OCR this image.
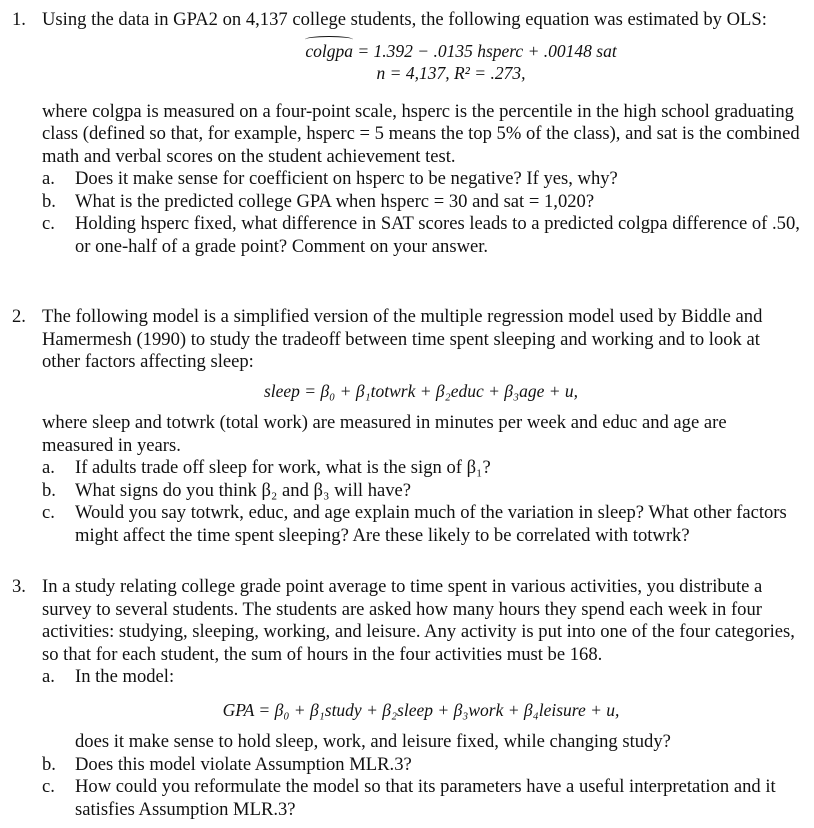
1. Using the data in GPA2 on 4,137 college students, the following equation was estimated by OLS:

colgpa = 1.392 − .0135 hsperc + .00148 sat
n = 4,137, R² = .273,

where colgpa is measured on a four-point scale, hsperc is the percentile in the high school graduating class (defined so that, for example, hsperc = 5 means the top 5% of the class), and sat is the combined math and verbal scores on the student achievement test.

a. Does it make sense for coefficient on hsperc to be negative? If yes, why?
b. What is the predicted college GPA when hsperc = 30 and sat = 1,020?
c. Holding hsperc fixed, what difference in SAT scores leads to a predicted colgpa difference of .50, or one-half of a grade point? Comment on your answer.
2. The following model is a simplified version of the multiple regression model used by Biddle and Hamermesh (1990) to study the tradeoff between time spent sleeping and working and to look at other factors affecting sleep:

sleep = β₀ + β₁totwrk + β₂educ + β₃age + u,

where sleep and totwrk (total work) are measured in minutes per week and educ and age are measured in years.

a. If adults trade off sleep for work, what is the sign of β₁?
b. What signs do you think β₂ and β₃ will have?
c. Would you say totwrk, educ, and age explain much of the variation in sleep? What other factors might affect the time spent sleeping? Are these likely to be correlated with totwrk?
3. In a study relating college grade point average to time spent in various activities, you distribute a survey to several students. The students are asked how many hours they spend each week in four activities: studying, sleeping, working, and leisure. Any activity is put into one of the four categories, so that for each student, the sum of hours in the four activities must be 168.

a. In the model:
GPA = β₀ + β₁study + β₂sleep + β₃work + β₄leisure + u,
does it make sense to hold sleep, work, and leisure fixed, while changing study?
b. Does this model violate Assumption MLR.3?
c. How could you reformulate the model so that its parameters have a useful interpretation and it satisfies Assumption MLR.3?
